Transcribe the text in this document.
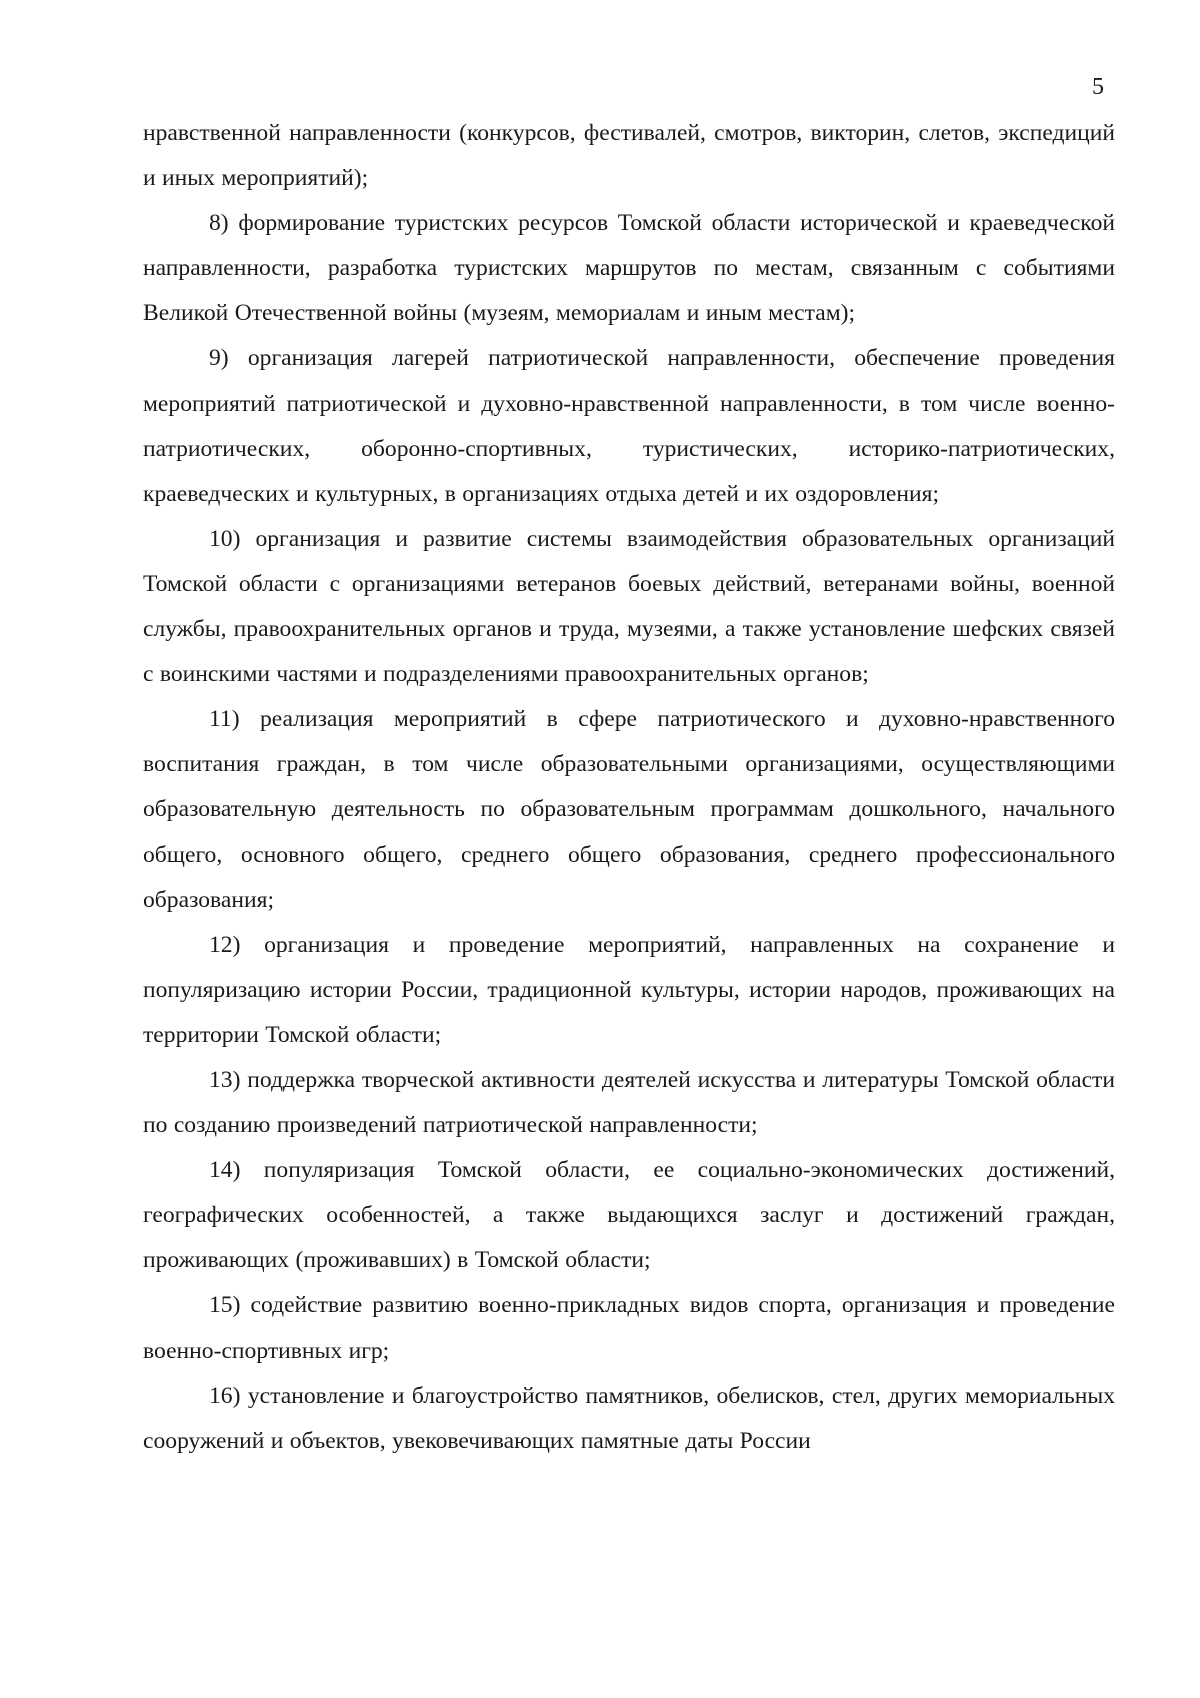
5

нравственной направленности (конкурсов, фестивалей, смотров, викторин, слетов, экспедиций и иных мероприятий);

8) формирование туристских ресурсов Томской области исторической и краеведческой направленности, разработка туристских маршрутов по местам, связанным с событиями Великой Отечественной войны (музеям, мемориалам и иным местам);

9) организация лагерей патриотической направленности, обеспечение проведения мероприятий патриотической и духовно-нравственной направленности, в том числе военно-патриотических, оборонно-спортивных, туристических, историко-патриотических, краеведческих и культурных, в организациях отдыха детей и их оздоровления;

10) организация и развитие системы взаимодействия образовательных организаций Томской области с организациями ветеранов боевых действий, ветеранами войны, военной службы, правоохранительных органов и труда, музеями, а также установление шефских связей с воинскими частями и подразделениями правоохранительных органов;

11) реализация мероприятий в сфере патриотического и духовно-нравственного воспитания граждан, в том числе образовательными организациями, осуществляющими образовательную деятельность по образовательным программам дошкольного, начального общего, основного общего, среднего общего образования, среднего профессионального образования;

12) организация и проведение мероприятий, направленных на сохранение и популяризацию истории России, традиционной культуры, истории народов, проживающих на территории Томской области;

13) поддержка творческой активности деятелей искусства и литературы Томской области по созданию произведений патриотической направленности;

14) популяризация Томской области, ее социально-экономических достижений, географических особенностей, а также выдающихся заслуг и достижений граждан, проживающих (проживавших) в Томской области;

15) содействие развитию военно-прикладных видов спорта, организация и проведение военно-спортивных игр;

16) установление и благоустройство памятников, обелисков, стел, других мемориальных сооружений и объектов, увековечивающих памятные даты России
